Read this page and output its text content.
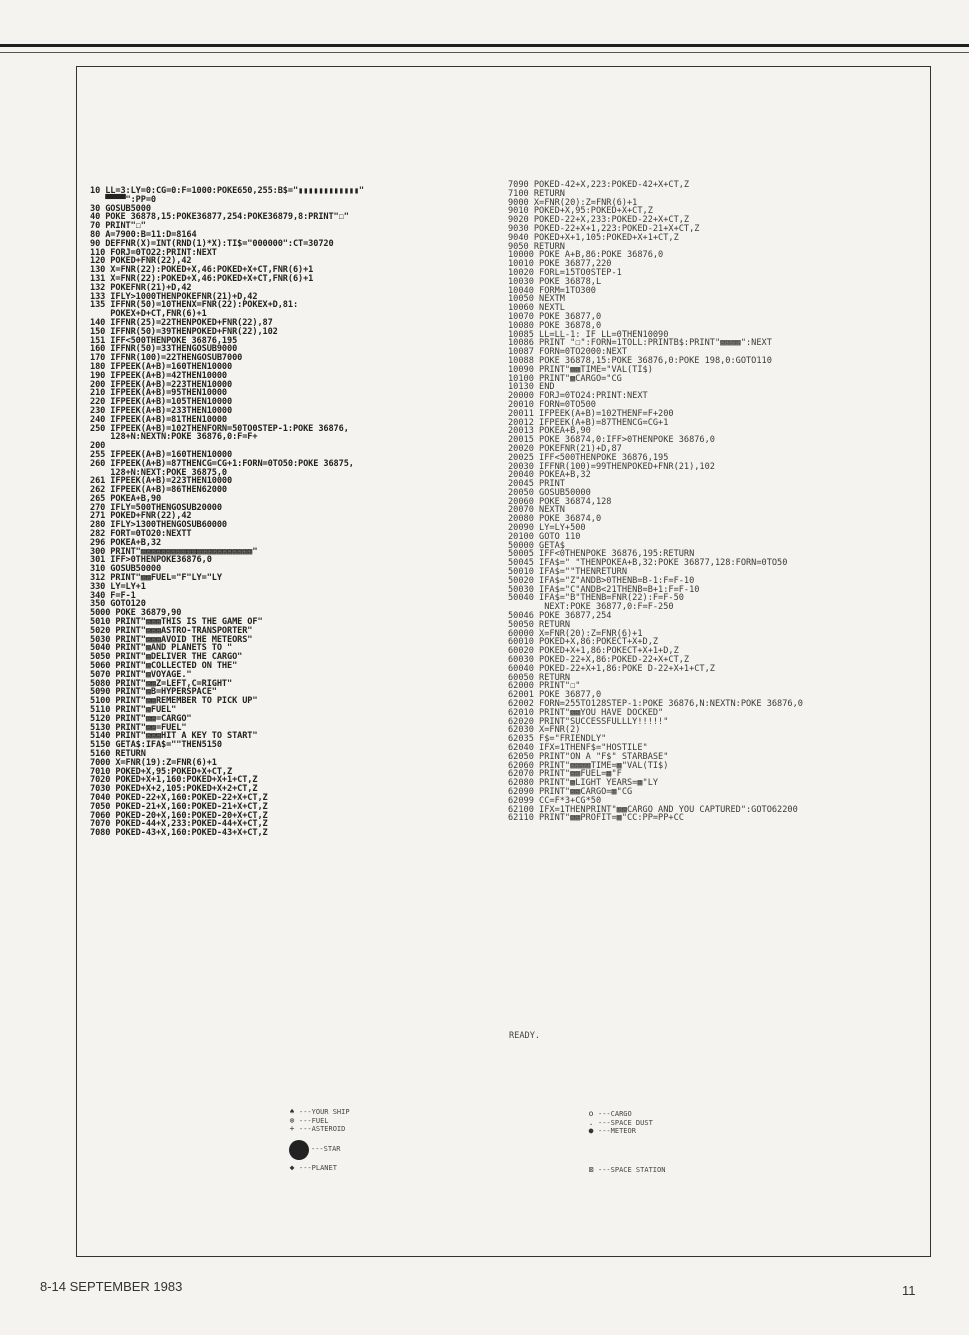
10 LL=3:LY=0:CG=0:F=1000:POKE650,255:B$="▮▮▮▮▮▮▮▮▮▮▮▮"
▀▀▀▀":PP=0
30 GOSUB5000
40 POKE 36878,15:POKE36877,254:POKE36879,8:PRINT"☐"
70 PRINT"☐"
80 A=7900:B=11:D=8164
90 DEFFNR(X)=INT(RND(1)*X):TI$="000000":CT=30720
110 FORJ=0TO22:PRINT:NEXT
120 POKED+FNR(22),42
130 X=FNR(22):POKED+X,46:POKED+X+CT,FNR(6)+1
131 X=FNR(22):POKED+X,46:POKED+X+CT,FNR(6)+1
132 POKEFNR(21)+D,42
133 IFLY>1000THENPOKEFNR(21)+D,42
135 IFFNR(50)=10THENX=FNR(22):POKEX+D,81:
POKEX+D+CT,FNR(6)+1
140 IFFNR(25)=22THENPOKED+FNR(22),87
150 IFFNR(50)=39THENPOKED+FNR(22),102
151 IFF<500THENPOKE 36876,195
160 IFFNR(50)=33THENGOSUB9000
170 IFFNR(100)=22THENGOSUB7000
180 IFPEEK(A+B)=160THEN10000
190 IFPEEK(A+B)=42THEN10000
200 IFPEEK(A+B)=223THEN10000
210 IFPEEK(A+B)=95THEN10000
220 IFPEEK(A+B)=105THEN10000
230 IFPEEK(A+B)=233THEN10000
240 IFPEEK(A+B)=81THEN10000
250 IFPEEK(A+B)=102THENFORN=50TO0STEP-1:POKE 36876,
128+N:NEXTN:POKE 36876,0:F=F+
200
255 IFPEEK(A+B)=160THEN10000
260 IFPEEK(A+B)=87THENCG=CG+1:FORN=0TO50:POKE 36875,
128+N:NEXT:POKE 36875,0
261 IFPEEK(A+B)=223THEN10000
262 IFPEEK(A+B)=86THEN62000
265 POKEA+B,90
270 IFLY=500THENGOSUB20000
271 POKED+FNR(22),42
280 IFLY>1300THENGOSUB60000
282 FORT=0TO20:NEXTT
296 POKEA+B,32
300 PRINT"▩▩▩▩▩▩▩▩▩▩▩▩▩▩▩▩▩▩▩▩▩▩"
301 IFF>0THENPOKE36876,0
310 GOSUB50000
312 PRINT"▩▩FUEL="F"LY="LY
330 LY=LY+1
340 F=F-1
350 GOTO120
5000 POKE 36879,90
5010 PRINT"▩▩▩THIS IS THE GAME OF"
5020 PRINT"▩▩▩ASTRO-TRANSPORTER"
5030 PRINT"▩▩▩AVOID THE METEORS"
5040 PRINT"▩AND PLANETS TO "
5050 PRINT"▩DELIVER THE CARGO"
5060 PRINT"▩COLLECTED ON THE"
5070 PRINT"▩VOYAGE."
5080 PRINT"▩▩Z=LEFT,C=RIGHT"
5090 PRINT"▩B=HYPERSPACE"
5100 PRINT"▩▩REMEMBER TO PICK UP"
5110 PRINT"▩FUEL"
5120 PRINT"▩▩=CARGO"
5130 PRINT"▩▩=FUEL"
5140 PRINT"▩▩▩HIT A KEY TO START"
5150 GETA$:IFA$=""THEN5150
5160 RETURN
7000 X=FNR(19):Z=FNR(6)+1
7010 POKED+X,95:POKED+X+CT,Z
7020 POKED+X+1,160:POKED+X+1+CT,Z
7030 POKED+X+2,105:POKED+X+2+CT,Z
7040 POKED-22+X,160:POKED-22+X+CT,Z
7050 POKED-21+X,160:POKED-21+X+CT,Z
7060 POKED-20+X,160:POKED-20+X+CT,Z
7070 POKED-44+X,233:POKED-44+X+CT,Z
7080 POKED-43+X,160:POKED-43+X+CT,Z
7090 POKED-42+X,223:POKED-42+X+CT,Z
7100 RETURN
9000 X=FNR(20):Z=FNR(6)+1
9010 POKED+X,95:POKED+X+CT,Z
9020 POKED-22+X,233:POKED-22+X+CT,Z
9030 POKED-22+X+1,223:POKED-21+X+CT,Z
9040 POKED+X+1,105:POKED+X+1+CT,Z
9050 RETURN
10000 POKE A+B,86:POKE 36876,0
10010 POKE 36877,220
10020 FORL=15TO0STEP-1
10030 POKE 36878,L
10040 FORM=1TO300
10050 NEXTM
10060 NEXTL
10070 POKE 36877,0
10080 POKE 36878,0
10085 LL=LL-1: IF LL=0THEN10090
10086 PRINT "☐":FORN=1TOLL:PRINTB$:PRINT"▩▩▩▩":NEXT
10087 FORN=0TO2000:NEXT
10088 POKE 36878,15:POKE 36876,0:POKE 198,0:GOTO110
10090 PRINT"▩▩TIME="VAL(TI$)
10100 PRINT"▩CARGO="CG
10130 END
20000 FORJ=0TO24:PRINT:NEXT
20010 FORN=0TO500
20011 IFPEEK(A+B)=102THENF=F+200
20012 IFPEEK(A+B)=87THENCG=CG+1
20013 POKEA+B,90
20015 POKE 36874,0:IFF>0THENPOKE 36876,0
20020 POKEFNR(21)+D,87
20025 IFF<500THENPOKE 36876,195
20030 IFFNR(100)=99THENPOKED+FNR(21),102
20040 POKEA+B,32
20045 PRINT
20050 GOSUB50000
20060 POKE 36874,128
20070 NEXTN
20080 POKE 36874,0
20090 LY=LY+500
20100 GOTO 110
50000 GETA$
50005 IFF<0THENPOKE 36876,195:RETURN
50045 IFA$=" "THENPOKEA+B,32:POKE 36877,128:FORN=0TO50
50010 IFA$=""THENRETURN
50020 IFA$="Z"ANDB>0THENB=B-1:F=F-10
50030 IFA$="C"ANDB<21THENB=B+1:F=F-10
50040 IFA$="B"THENB=FNR(22):F=F-50
NEXT:POKE 36877,0:F=F-250
50046 POKE 36877,254
50050 RETURN
60000 X=FNR(20):Z=FNR(6)+1
60010 POKED+X,86:POKECT+X+D,Z
60020 POKED+X+1,86:POKECT+X+1+D,Z
60030 POKED-22+X,86:POKED-22+X+CT,Z
60040 POKED-22+X+1,86:POKE D-22+X+1+CT,Z
60050 RETURN
62000 PRINT"☐"
62001 POKE 36877,0
62002 FORN=255TO128STEP-1:POKE 36876,N:NEXTN:POKE 36876,0
62010 PRINT"▩▩YOU HAVE DOCKED"
62020 PRINT"SUCCESSFULLLY!!!!!"
62030 X=FNR(2)
62035 F$="FRIENDLY"
62040 IFX=1THENF$="HOSTILE"
62050 PRINT"ON A "F$" STARBASE"
62060 PRINT"▩▩▩▩TIME=▩"VAL(TI$)
62070 PRINT"▩▩FUEL=▩"F
62080 PRINT"▩LIGHT YEARS=▩"LY
62090 PRINT"▩▩CARGO=▩"CG
62099 CC=F*3+CG*50
62100 IFX=1THENPRINT"▩▩CARGO AND YOU CAPTURED":GOTO62200
62110 PRINT"▩▩PROFIT=▩"CC:PP=PP+CC
READY.
♠ ---YOUR SHIP
⊗ ---FUEL
+ ---ASTEROID
---STAR
◆ ---PLANET
o ---CARGO
. ---SPACE DUST
● ---METEOR
⊠ ---SPACE STATION
8-14 SEPTEMBER 1983	11
